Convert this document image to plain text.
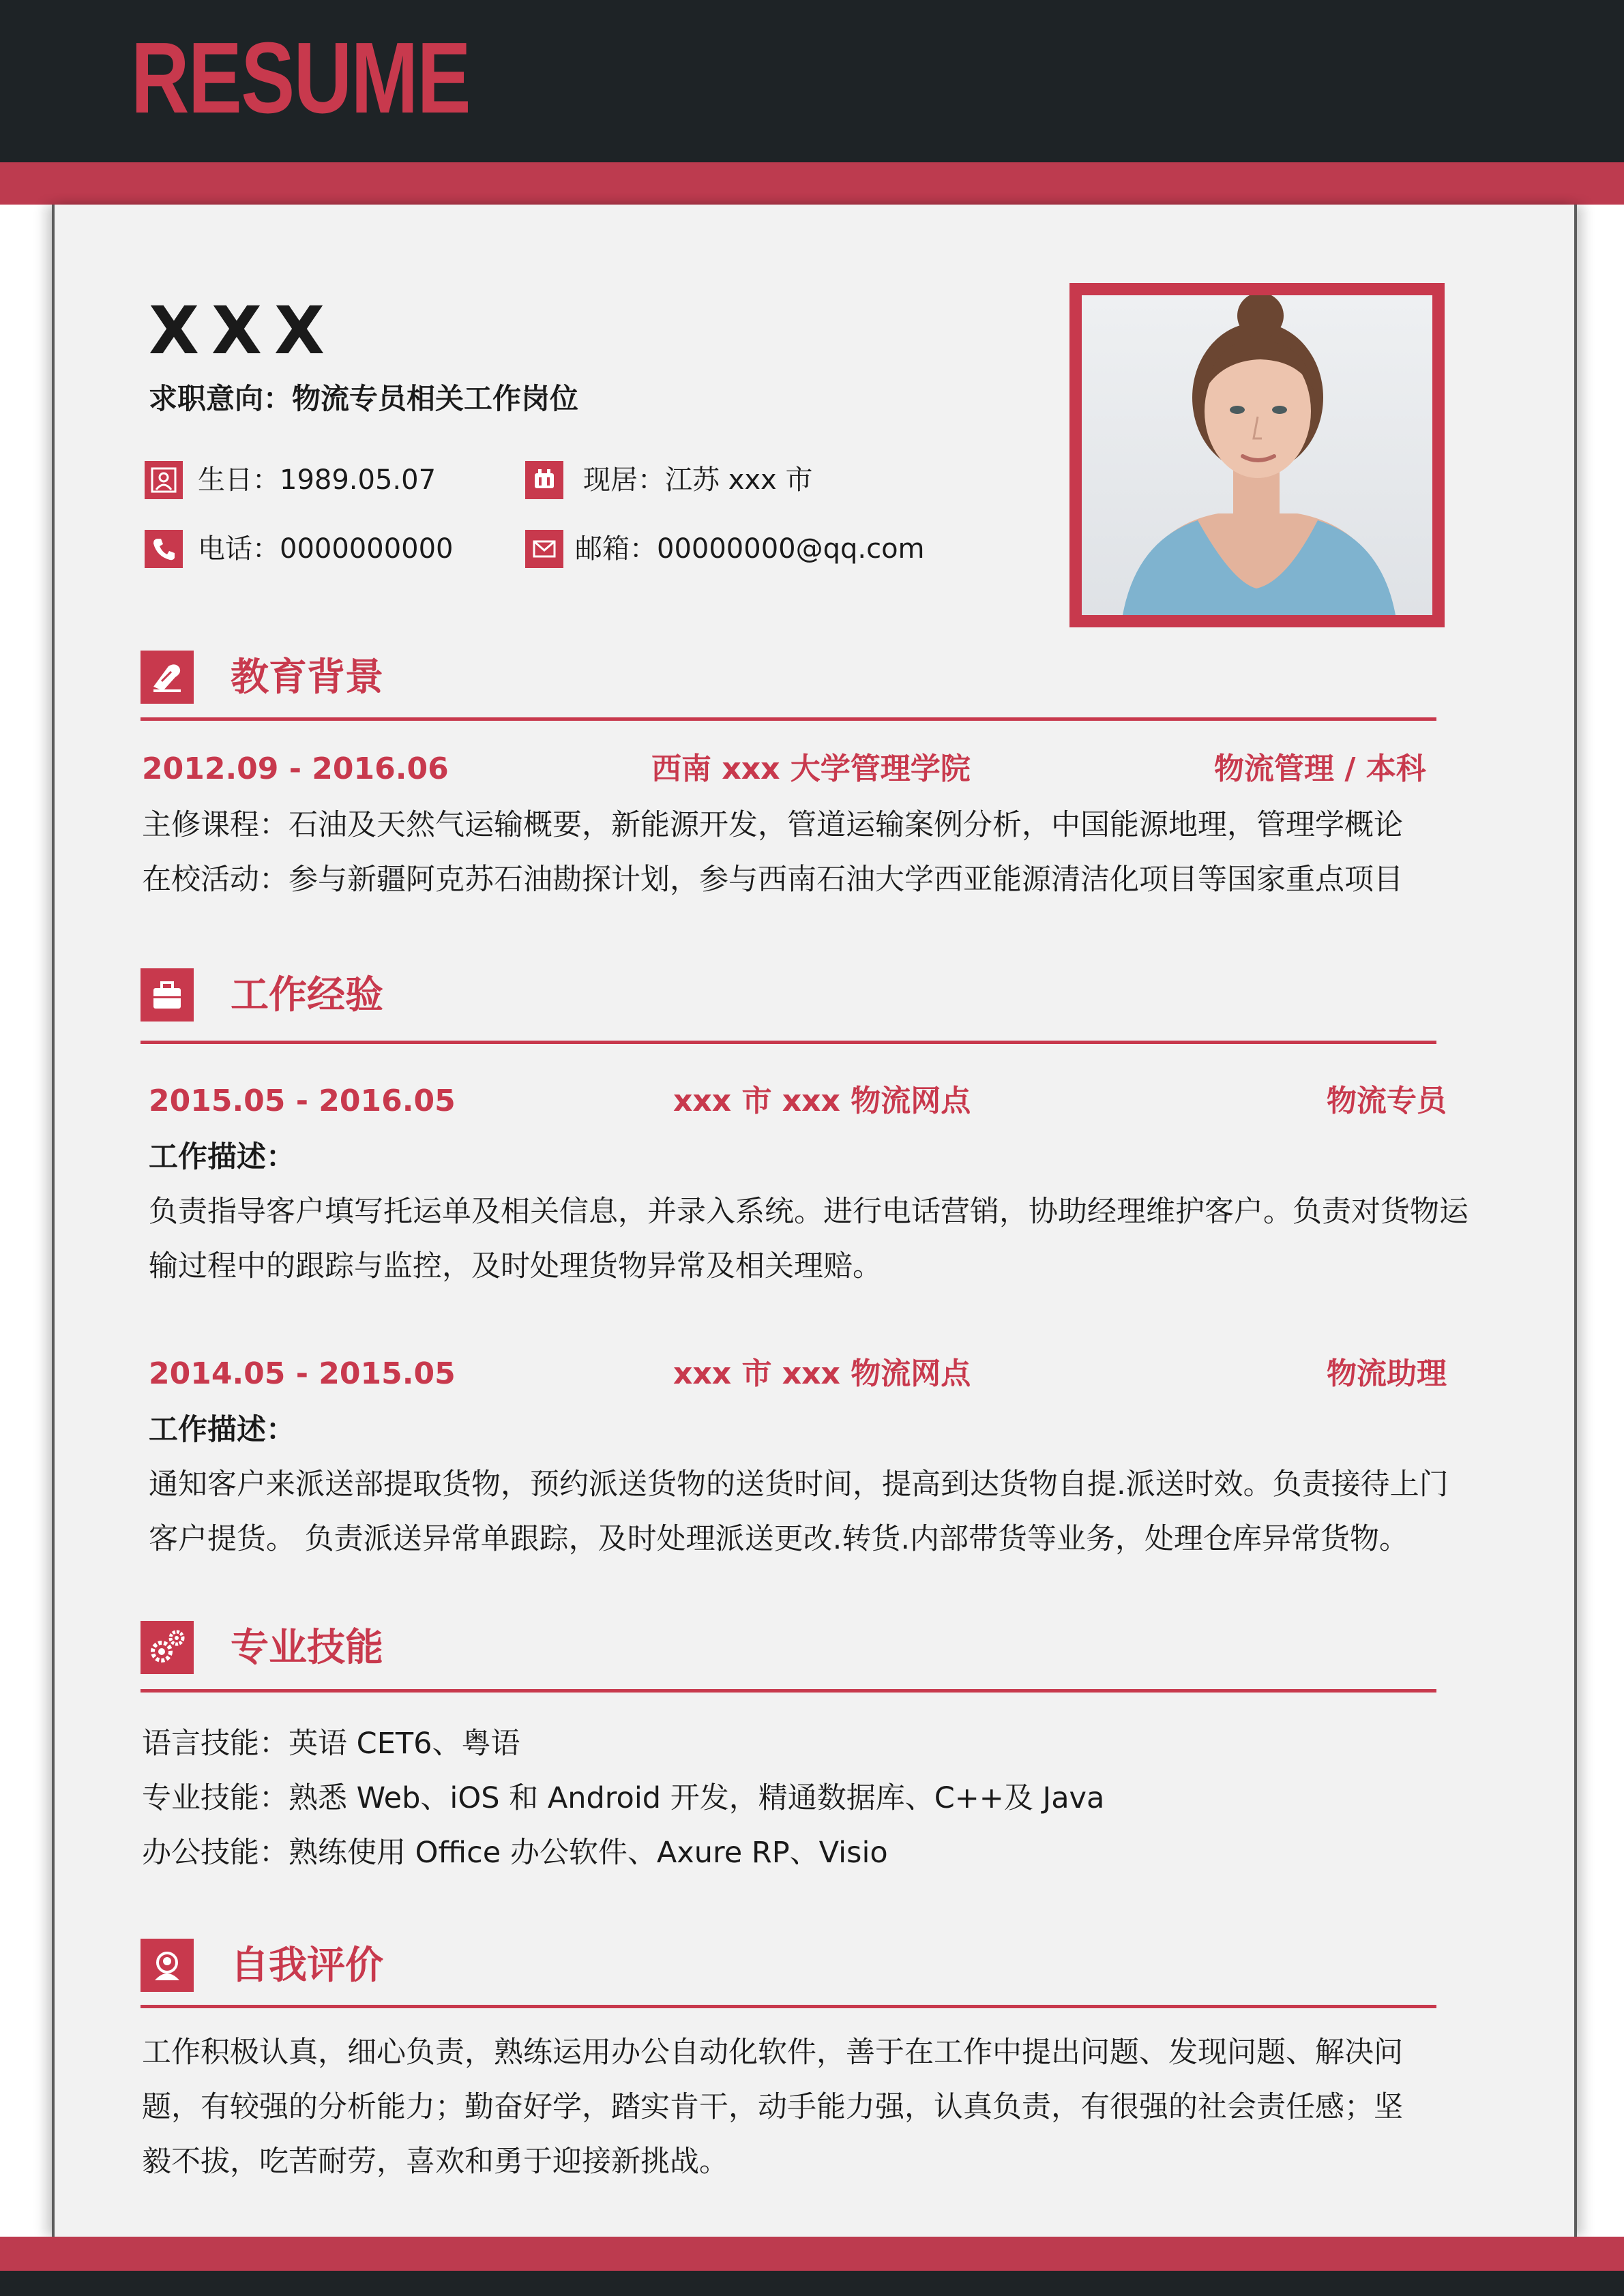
RESUME
XXX
求职意向：物流专员相关工作岗位
生日：1989.05.07	现居：江苏 xxx 市
电话：0000000000	邮箱：00000000@qq.com
教育背景
2012.09 - 2016.06	西南 xxx 大学管理学院	物流管理 / 本科
主修课程：石油及天然气运输概要，新能源开发，管道运输案例分析，中国能源地理，管理学概论
在校活动：参与新疆阿克苏石油勘探计划，参与西南石油大学西亚能源清洁化项目等国家重点项目
工作经验
2015.05 - 2016.05	xxx 市 xxx 物流网点	物流专员
工作描述：
负责指导客户填写托运单及相关信息，并录入系统。进行电话营销，协助经理维护客户。负责对货物运
输过程中的跟踪与监控，及时处理货物异常及相关理赔。
2014.05 - 2015.05	xxx 市 xxx 物流网点	物流助理
工作描述：
通知客户来派送部提取货物，预约派送货物的送货时间，提高到达货物自提.派送时效。负责接待上门
客户提货。 负责派送异常单跟踪，及时处理派送更改.转货.内部带货等业务，处理仓库异常货物。
专业技能
语言技能：英语 CET6、粤语
专业技能：熟悉 Web、iOS 和 Android 开发，精通数据库、C++及 Java
办公技能：熟练使用 Office 办公软件、Axure RP、Visio
自我评价
工作积极认真，细心负责，熟练运用办公自动化软件，善于在工作中提出问题、发现问题、解决问
题，有较强的分析能力；勤奋好学，踏实肯干，动手能力强，认真负责，有很强的社会责任感；坚
毅不拔，吃苦耐劳，喜欢和勇于迎接新挑战。
